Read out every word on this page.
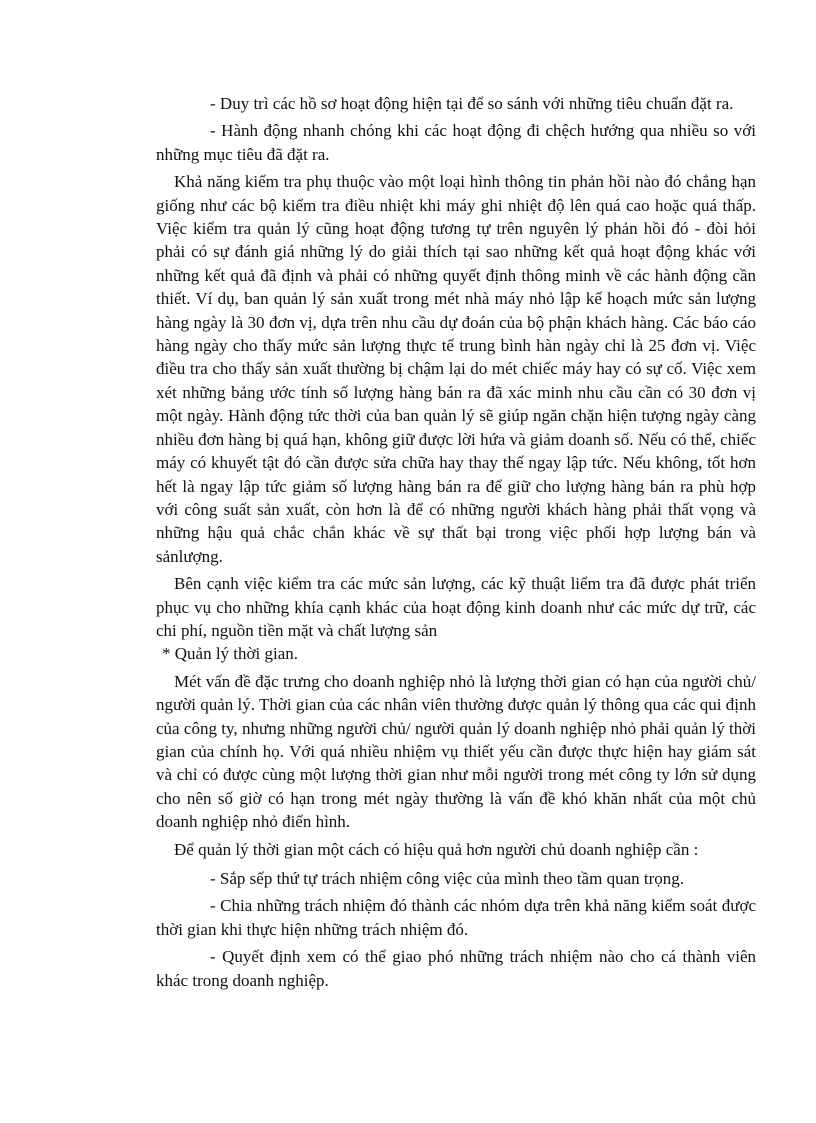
- Duy trì các hồ sơ hoạt động hiện tại để so sánh với những tiêu chuẩn đặt ra.

- Hành động nhanh chóng khi các hoạt động đi chệch hướng qua nhiều so với những mục tiêu đã đặt ra.

Khả năng kiểm tra phụ thuộc vào một loại hình thông tin phản hồi nào đó chẳng hạn giống như các bộ kiểm tra điều nhiệt khi máy ghi nhiệt độ lên quá cao hoặc quá thấp. Việc kiểm tra quản lý cũng hoạt động tương tự trên nguyên lý phản hồi đó - đòi hỏi phải có sự đánh giá những lý do giải thích tại sao những kết quả hoạt động khác với những kết quả đã định và phải có những quyết định thông minh về các hành động cần thiết. Ví dụ, ban quản lý sản xuất trong mét nhà máy nhỏ lập kế hoạch mức sản lượng hàng ngày là 30 đơn vị, dựa trên nhu cầu dự đoán của bộ phận khách hàng. Các báo cáo hàng ngày cho thấy mức sản lượng thực tế trung bình hàn ngày chỉ là 25 đơn vị. Việc điều tra cho thấy sản xuất thường bị chậm lại do mét chiếc máy hay có sự cố. Việc xem xét những bảng ước tính số lượng hàng bán ra đã xác minh nhu cầu cần có 30 đơn vị một ngày. Hành động tức thời của ban quản lý sẽ giúp ngăn chặn hiện tượng ngày càng nhiều đơn hàng bị quá hạn, không giữ được lời hứa và giảm doanh số. Nếu có thể, chiếc máy có khuyết tật đó cần được sửa chữa hay thay thế ngay lập tức. Nếu không, tốt hơn hết là ngay lập tức giảm số lượng hàng bán ra để giữ cho lượng hàng bán ra phù hợp với công suất sản xuất, còn hơn là để có những người khách hàng phải thất vọng và những hậu quả chắc chắn khác về sự thất bại trong việc phối hợp lượng bán và sảnlượng.

Bên cạnh việc kiểm tra các mức sản lượng, các kỹ thuật liểm tra đã được phát triển phục vụ cho những khía cạnh khác của hoạt động kinh doanh như các mức dự trữ, các chi phí, nguồn tiền mặt và chất lượng sản

* Quản lý thời gian.

Mét vấn đề đặc trưng cho doanh nghiệp nhỏ là lượng thời gian có hạn của người chủ/ người quản lý. Thời gian của các nhân viên thường được quản lý thông qua các qui định của công ty, nhưng những người chủ/ người quản lý doanh nghiệp nhỏ phải quản lý thời gian của chính họ. Với quá nhiều nhiệm vụ thiết yếu cần được thực hiện hay giám sát và chỉ có được cùng một lượng thời gian như mỗi người trong mét công ty lớn sử dụng cho nên số giờ có hạn trong mét ngày thường là vấn đề khó khăn nhất của một chủ doanh nghiệp nhỏ điển hình.

Để quản lý thời gian một cách có hiệu quả hơn người chủ doanh nghiệp cần :

- Sắp sếp thứ tự trách nhiệm công việc của mình theo tầm quan trọng.

- Chia những trách nhiệm đó thành các nhóm dựa trên khả năng kiểm soát được thời gian khi thực hiện những trách nhiệm đó.

- Quyết định xem có thể giao phó những trách nhiệm nào cho cá thành viên khác trong doanh nghiệp.
